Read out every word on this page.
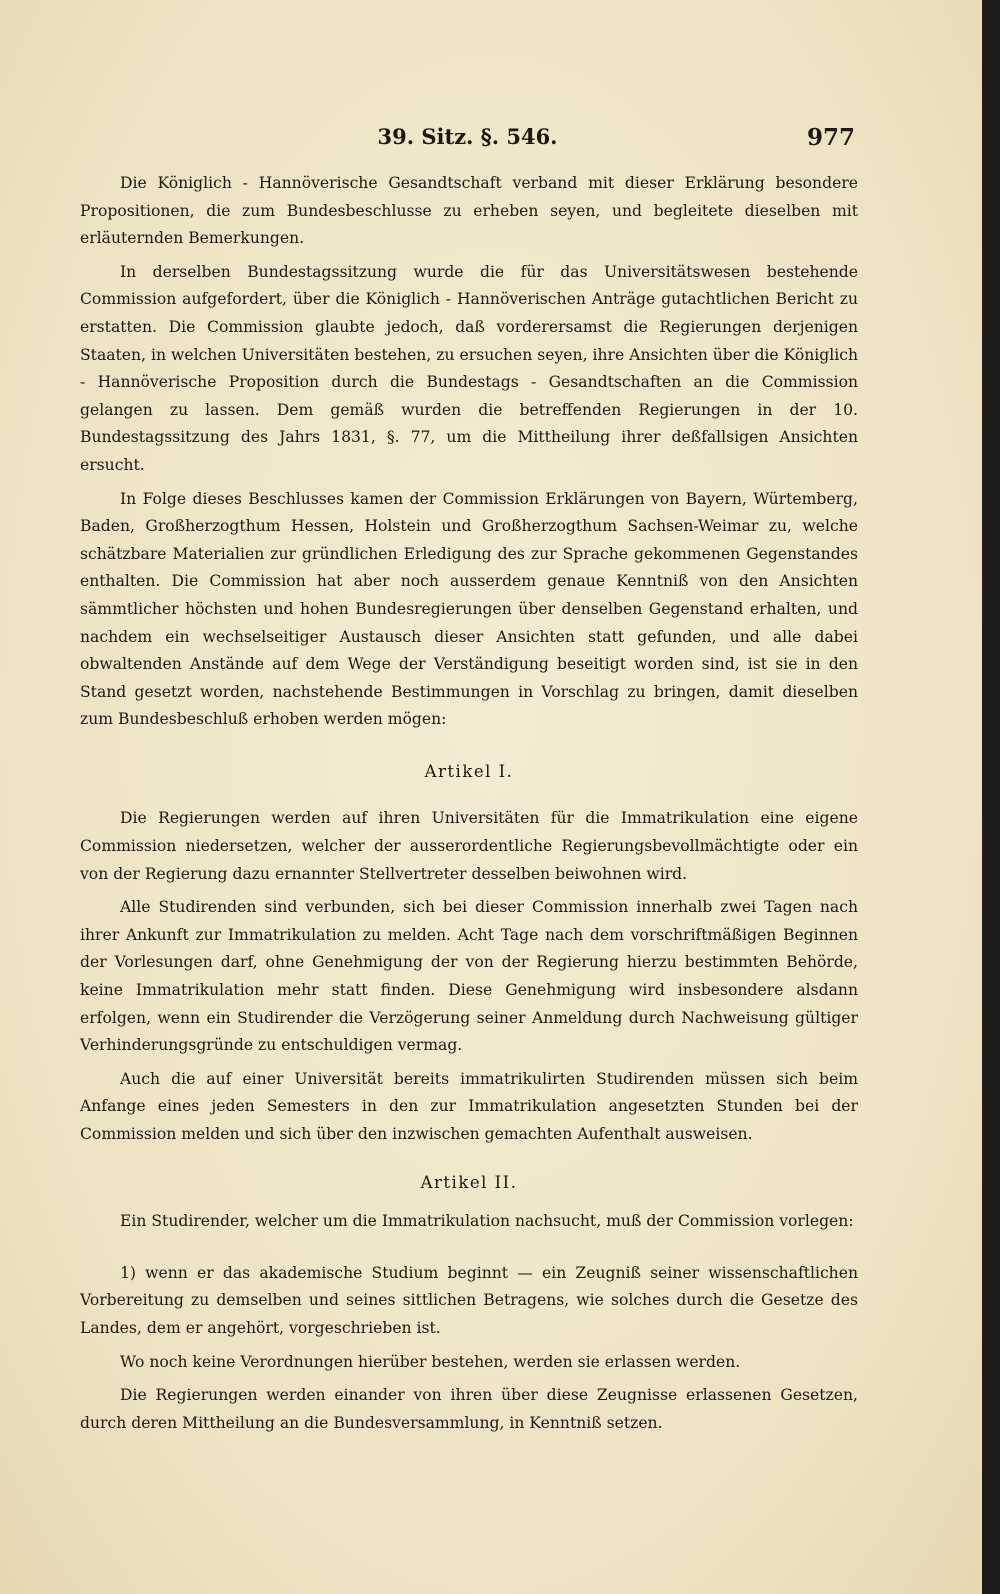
39. Sitz. §. 546.	977

Die Königlich - Hannöverische Gesandtschaft verband mit dieser Erklärung besondere Propositionen, die zum Bundesbeschlusse zu erheben seyen, und begleitete dieselben mit erläuternden Bemerkungen.

In derselben Bundestagssitzung wurde die für das Universitätswesen bestehende Commission aufgefordert, über die Königlich - Hannöverischen Anträge gutachtlichen Bericht zu erstatten. Die Commission glaubte jedoch, daß vorderersamst die Regierungen derjenigen Staaten, in welchen Universitäten bestehen, zu ersuchen seyen, ihre Ansichten über die Königlich - Hannöverische Proposition durch die Bundestags - Gesandtschaften an die Commission gelangen zu lassen. Dem gemäß wurden die betreffenden Regierungen in der 10. Bundestagssitzung des Jahrs 1831, §. 77, um die Mittheilung ihrer deßfallsigen Ansichten ersucht.

In Folge dieses Beschlusses kamen der Commission Erklärungen von Bayern, Würtemberg, Baden, Großherzogthum Hessen, Holstein und Großherzogthum Sachsen-Weimar zu, welche schätzbare Materialien zur gründlichen Erledigung des zur Sprache gekommenen Gegenstandes enthalten. Die Commission hat aber noch ausserdem genaue Kenntniß von den Ansichten sämmtlicher höchsten und hohen Bundesregierungen über denselben Gegenstand erhalten, und nachdem ein wechselseitiger Austausch dieser Ansichten statt gefunden, und alle dabei obwaltenden Anstände auf dem Wege der Verständigung beseitigt worden sind, ist sie in den Stand gesetzt worden, nachstehende Bestimmungen in Vorschlag zu bringen, damit dieselben zum Bundesbeschluß erhoben werden mögen:

Artikel I.

Die Regierungen werden auf ihren Universitäten für die Immatrikulation eine eigene Commission niedersetzen, welcher der ausserordentliche Regierungsbevollmächtigte oder ein von der Regierung dazu ernannter Stellvertreter desselben beiwohnen wird.

Alle Studirenden sind verbunden, sich bei dieser Commission innerhalb zwei Tagen nach ihrer Ankunft zur Immatrikulation zu melden. Acht Tage nach dem vorschriftmäßigen Beginnen der Vorlesungen darf, ohne Genehmigung der von der Regierung hierzu bestimmten Behörde, keine Immatrikulation mehr statt finden. Diese Genehmigung wird insbesondere alsdann erfolgen, wenn ein Studirender die Verzögerung seiner Anmeldung durch Nachweisung gültiger Verhinderungsgründe zu entschuldigen vermag.

Auch die auf einer Universität bereits immatrikulirten Studirenden müssen sich beim Anfange eines jeden Semesters in den zur Immatrikulation angesetzten Stunden bei der Commission melden und sich über den inzwischen gemachten Aufenthalt ausweisen.

Artikel II.

Ein Studirender, welcher um die Immatrikulation nachsucht, muß der Commission vorlegen:

1) wenn er das akademische Studium beginnt — ein Zeugniß seiner wissenschaftlichen Vorbereitung zu demselben und seines sittlichen Betragens, wie solches durch die Gesetze des Landes, dem er angehört, vorgeschrieben ist.

Wo noch keine Verordnungen hierüber bestehen, werden sie erlassen werden.

Die Regierungen werden einander von ihren über diese Zeugnisse erlassenen Gesetzen, durch deren Mittheilung an die Bundesversammlung, in Kenntniß setzen.
